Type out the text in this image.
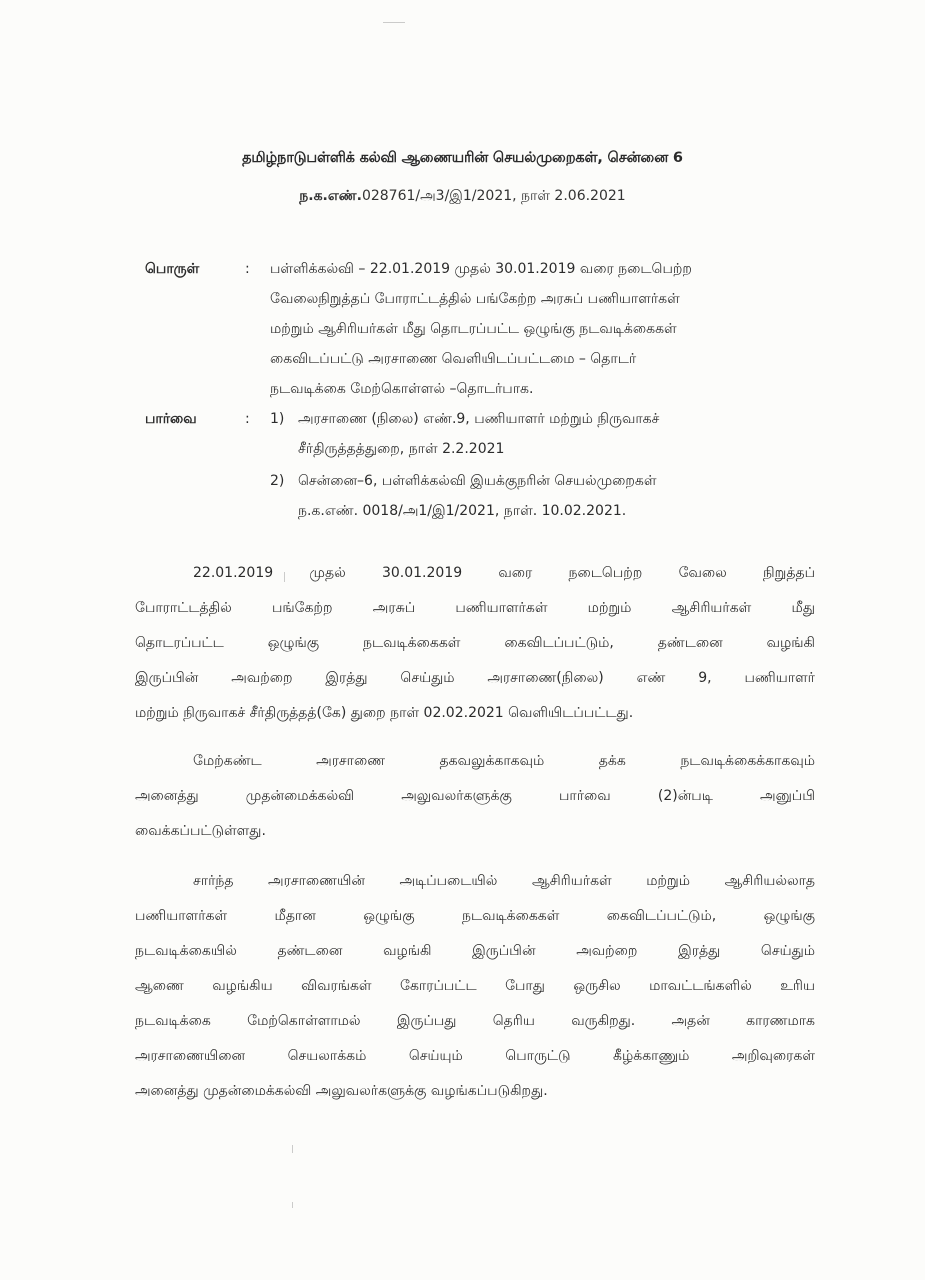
தமிழ்நாடுபள்ளிக் கல்வி ஆணையரின் செயல்முறைகள், சென்னை 6
ந.க.எண்.028761/அ3/இ1/2021, நாள் 2.06.2021
பொருள்	: பள்ளிக்கல்வி – 22.01.2019 முதல் 30.01.2019 வரை நடைபெற்ற
வேலைநிறுத்தப் போராட்டத்தில் பங்கேற்ற அரசுப் பணியாளர்கள்
மற்றும் ஆசிரியர்கள் மீது தொடரப்பட்ட ஒழுங்கு நடவடிக்கைகள்
கைவிடப்பட்டு அரசாணை வெளியிடப்பட்டமை – தொடர்
நடவடிக்கை மேற்கொள்ளல் –தொடர்பாக.
பார்வை	: 1) அரசாணை (நிலை) எண்.9, பணியாளர் மற்றும் நிருவாகச்
சீர்திருத்தத்துறை, நாள் 2.2.2021
2) சென்னை–6, பள்ளிக்கல்வி இயக்குநரின் செயல்முறைகள்
ந.க.எண். 0018/அ1/இ1/2021, நாள். 10.02.2021.
22.01.2019 முதல் 30.01.2019 வரை நடைபெற்ற வேலை நிறுத்தப்
போராட்டத்தில் பங்கேற்ற அரசுப் பணியாளர்கள் மற்றும் ஆசிரியர்கள் மீது
தொடரப்பட்ட ஒழுங்கு நடவடிக்கைகள் கைவிடப்பட்டும், தண்டனை வழங்கி
இருப்பின் அவற்றை இரத்து செய்தும் அரசாணை(நிலை) எண் 9, பணியாளர்
மற்றும் நிருவாகச் சீர்திருத்தத்(கே) துறை நாள் 02.02.2021 வெளியிடப்பட்டது.
மேற்கண்ட அரசாணை தகவலுக்காகவும் தக்க நடவடிக்கைக்காகவும்
அனைத்து முதன்மைக்கல்வி அலுவலர்களுக்கு பார்வை (2)ன்படி அனுப்பி
வைக்கப்பட்டுள்ளது.
சார்ந்த அரசாணையின் அடிப்படையில் ஆசிரியர்கள் மற்றும் ஆசிரியல்லாத
பணியாளர்கள் மீதான ஒழுங்கு நடவடிக்கைகள் கைவிடப்பட்டும், ஒழுங்கு
நடவடிக்கையில் தண்டனை வழங்கி இருப்பின் அவற்றை இரத்து செய்தும்
ஆணை வழங்கிய விவரங்கள் கோரப்பட்ட போது ஒருசில மாவட்டங்களில் உரிய
நடவடிக்கை மேற்கொள்ளாமல் இருப்பது தெரிய வருகிறது. அதன் காரணமாக
அரசாணையினை செயலாக்கம் செய்யும் பொருட்டு கீழ்க்காணும் அறிவுரைகள்
அனைத்து முதன்மைக்கல்வி அலுவலர்களுக்கு வழங்கப்படுகிறது.
